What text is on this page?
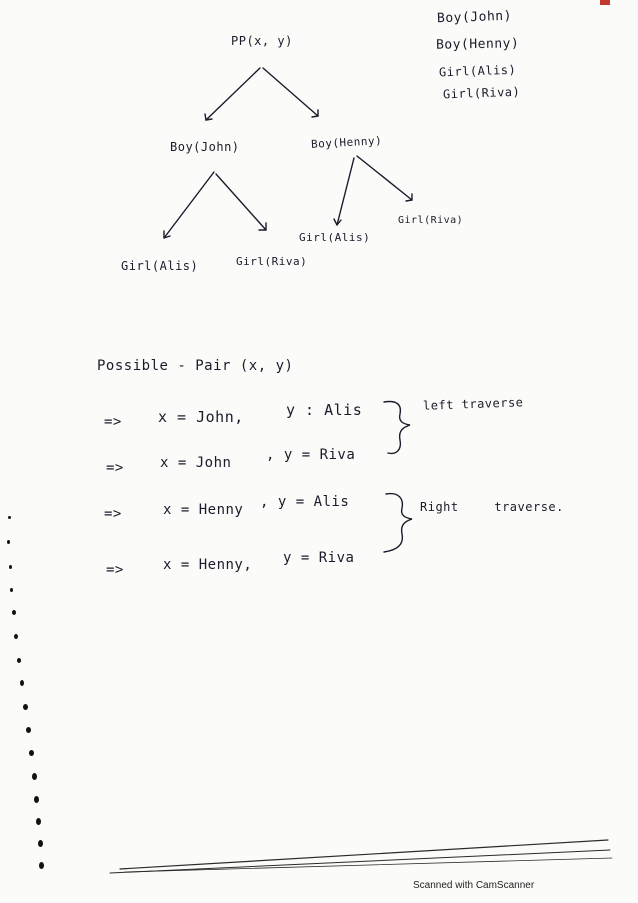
Boy(John)
Boy(Henny)
Girl(Alis)
Girl(Riva)
PP(x, y)
Boy(John)	Boy(Henny)
Girl(Alis)	Girl(Riva)
Girl(Alis)
Girl(Riva)
Possible - Pair (x, y)
=> x = John,	y : Alis
=>	x = John , y = Riva
=>	x = Henny , y = Alis
=>	x = Henny, y = Riva
left traverse
Right traverse.
Scanned with CamScanner
